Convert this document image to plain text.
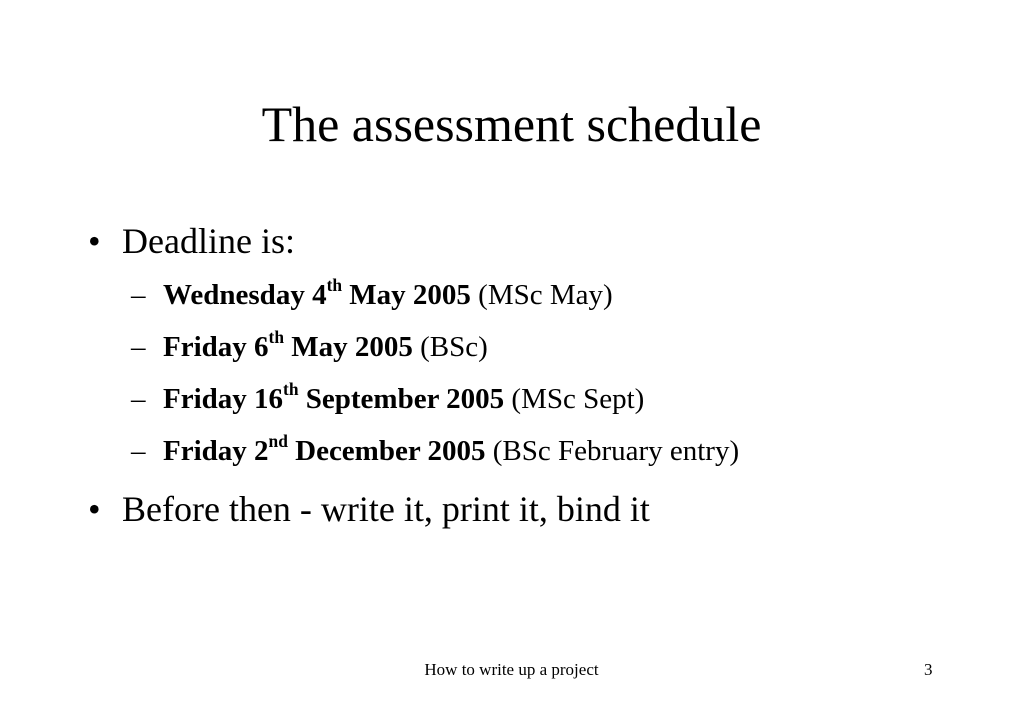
The assessment schedule
• Deadline is:
– Wednesday 4th May 2005 (MSc May)
– Friday 6th May 2005 (BSc)
– Friday 16th September 2005 (MSc Sept)
– Friday 2nd December 2005 (BSc February entry)
• Before then - write it, print it, bind it
How to write up a project	3
